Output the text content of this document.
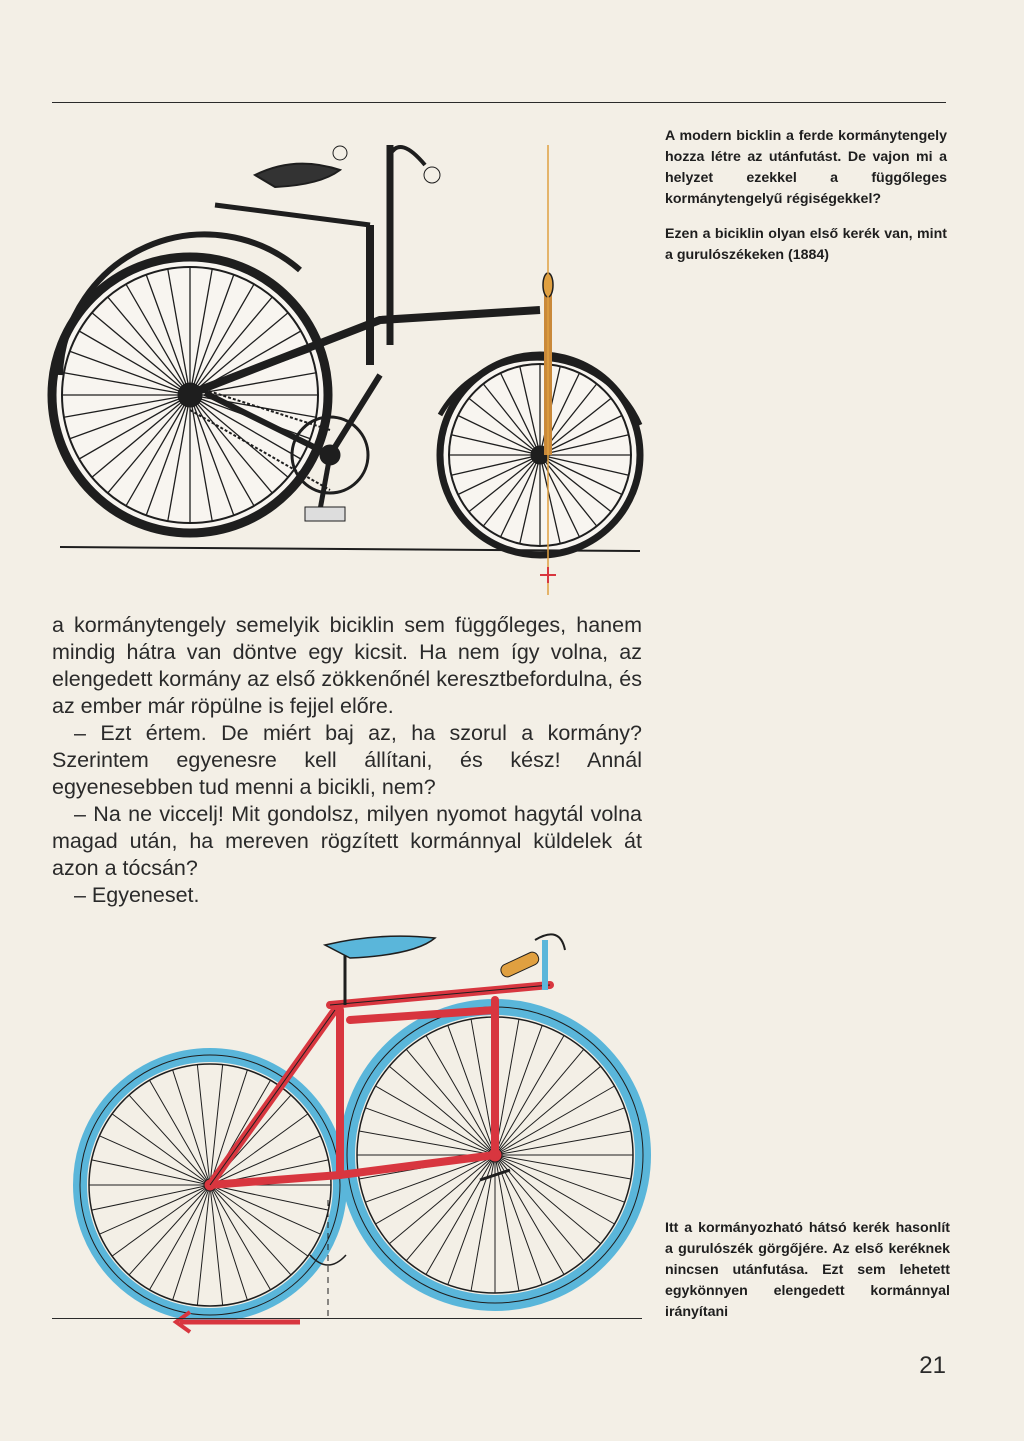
A modern bicklin a ferde kormánytengely hozza létre az utánfutást. De vajon mi a helyzet ezekkel a függőleges kormánytengelyű régiségekkel?

Ezen a biciklin olyan első kerék van, mint a gurulószékeken (1884)

a kormánytengely semelyik biciklin sem függőleges, hanem mindig hátra van döntve egy kicsit. Ha nem így volna, az elengedett kormány az első zökkenőnél keresztbefordulna, és az ember már röpülne is fejjel előre.

– Ezt értem. De miért baj az, ha szorul a kormány? Szerintem egyenesre kell állítani, és kész! Annál egyenesebben tud menni a bicikli, nem?

– Na ne viccelj! Mit gondolsz, milyen nyomot hagytál volna magad után, ha mereven rögzített kormánnyal küldelek át azon a tócsán?

– Egyeneset.

Itt a kormányozható hátsó kerék hasonlít a gurulószék görgőjére. Az első keréknek nincsen utánfutása. Ezt sem lehetett egykönnyen elengedett kormánnyal irányítani

21
